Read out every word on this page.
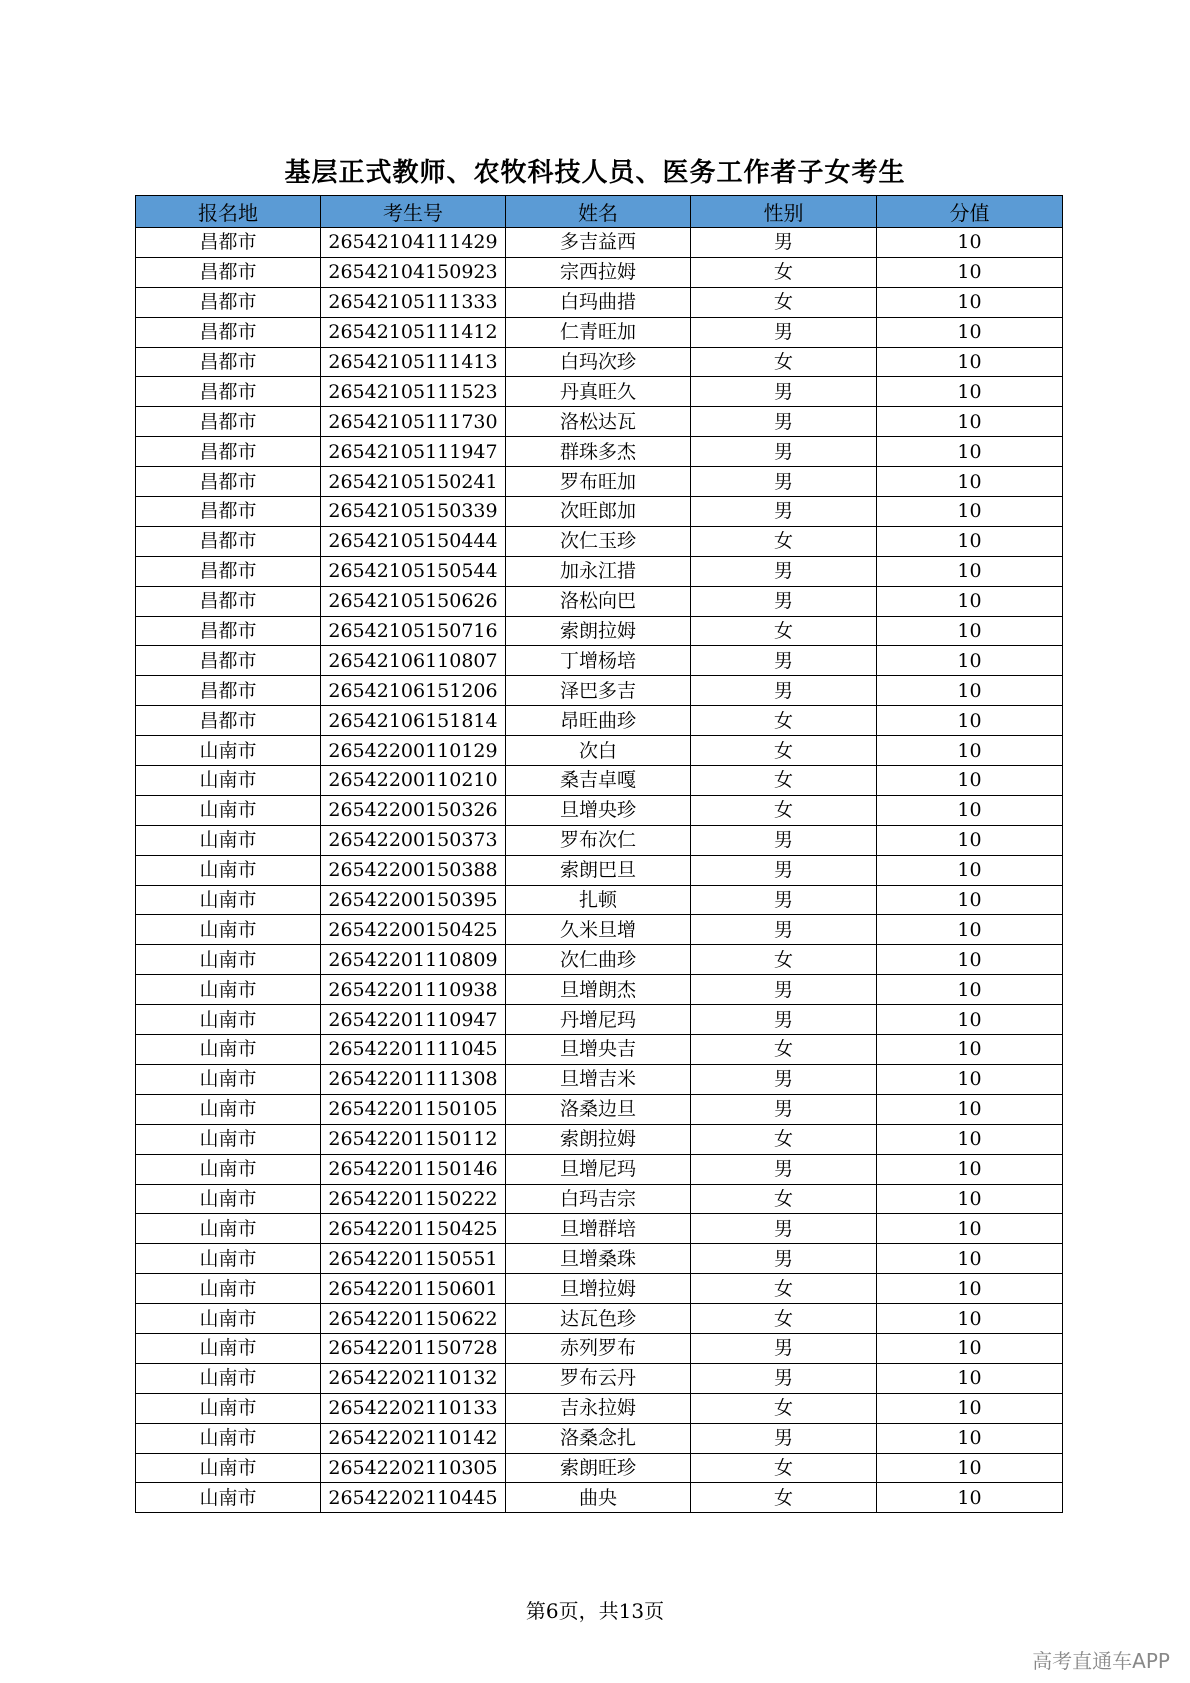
基层正式教师、农牧科技人员、医务工作者子女考生
报名地	考生号	姓名	性别	分值
昌都市	26542104111429	多吉益西	男	10
昌都市	26542104150923	宗西拉姆	女	10
昌都市	26542105111333	白玛曲措	女	10
昌都市	26542105111412	仁青旺加	男	10
昌都市	26542105111413	白玛次珍	女	10
昌都市	26542105111523	丹真旺久	男	10
昌都市	26542105111730	洛松达瓦	男	10
昌都市	26542105111947	群珠多杰	男	10
昌都市	26542105150241	罗布旺加	男	10
昌都市	26542105150339	次旺郎加	男	10
昌都市	26542105150444	次仁玉珍	女	10
昌都市	26542105150544	加永江措	男	10
昌都市	26542105150626	洛松向巴	男	10
昌都市	26542105150716	索朗拉姆	女	10
昌都市	26542106110807	丁增杨培	男	10
昌都市	26542106151206	泽巴多吉	男	10
昌都市	26542106151814	昂旺曲珍	女	10
山南市	26542200110129	次白	女	10
山南市	26542200110210	桑吉卓嘎	女	10
山南市	26542200150326	旦增央珍	女	10
山南市	26542200150373	罗布次仁	男	10
山南市	26542200150388	索朗巴旦	男	10
山南市	26542200150395	扎顿	男	10
山南市	26542200150425	久米旦增	男	10
山南市	26542201110809	次仁曲珍	女	10
山南市	26542201110938	旦增朗杰	男	10
山南市	26542201110947	丹增尼玛	男	10
山南市	26542201111045	旦增央吉	女	10
山南市	26542201111308	旦增吉米	男	10
山南市	26542201150105	洛桑边旦	男	10
山南市	26542201150112	索朗拉姆	女	10
山南市	26542201150146	旦增尼玛	男	10
山南市	26542201150222	白玛吉宗	女	10
山南市	26542201150425	旦增群培	男	10
山南市	26542201150551	旦增桑珠	男	10
山南市	26542201150601	旦增拉姆	女	10
山南市	26542201150622	达瓦色珍	女	10
山南市	26542201150728	赤列罗布	男	10
山南市	26542202110132	罗布云丹	男	10
山南市	26542202110133	吉永拉姆	女	10
山南市	26542202110142	洛桑念扎	男	10
山南市	26542202110305	索朗旺珍	女	10
山南市	26542202110445	曲央	女	10
第6页，共13页
高考直通车APP
